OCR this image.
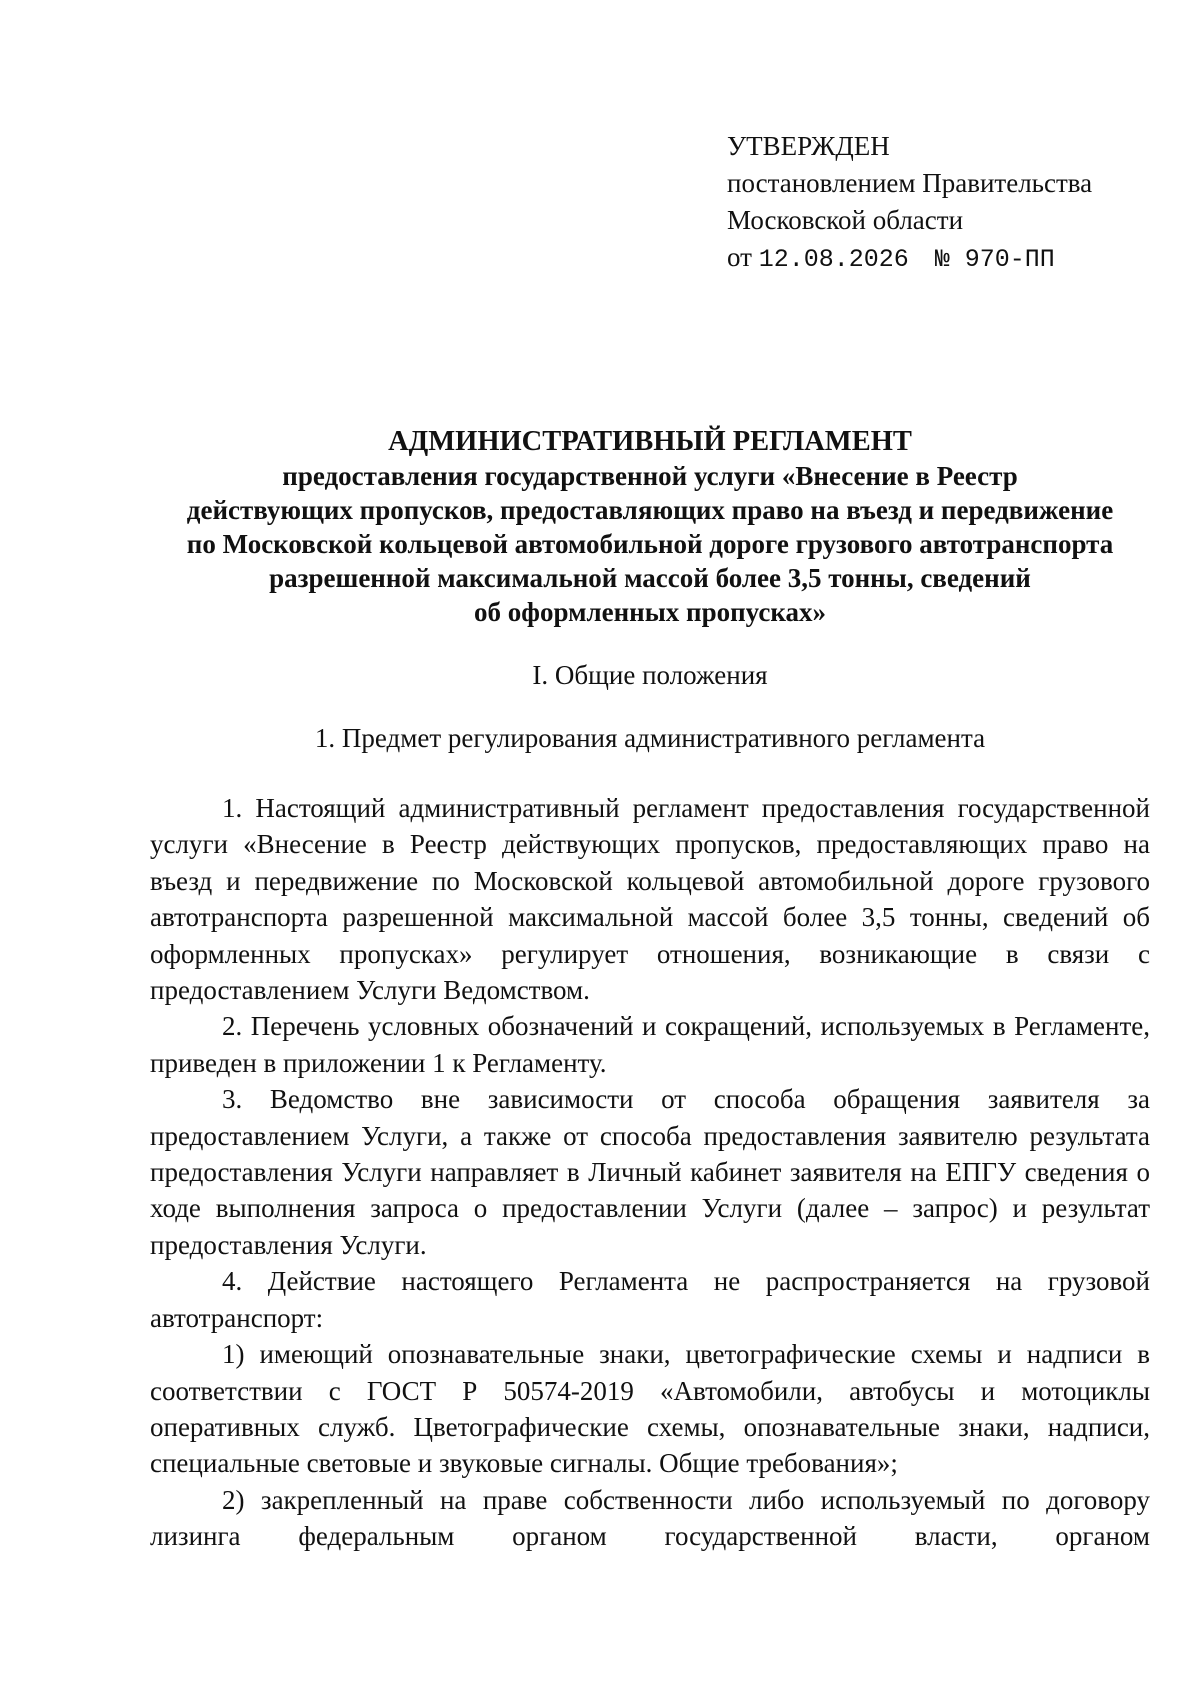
УТВЕРЖДЕН
постановлением Правительства
Московской области
от 12.08.2026 № 970-ПП
АДМИНИСТРАТИВНЫЙ РЕГЛАМЕНТ
предоставления государственной услуги «Внесение в Реестр
действующих пропусков, предоставляющих право на въезд и передвижение
по Московской кольцевой автомобильной дороге грузового автотранспорта
разрешенной максимальной массой более 3,5 тонны, сведений
об оформленных пропусках»
I. Общие положения
1. Предмет регулирования административного регламента

1. Настоящий административный регламент предоставления государственной услуги «Внесение в Реестр действующих пропусков, предоставляющих право на въезд и передвижение по Московской кольцевой автомобильной дороге грузового автотранспорта разрешенной максимальной массой более 3,5 тонны, сведений об оформленных пропусках» регулирует отношения, возникающие в связи с предоставлением Услуги Ведомством.

2. Перечень условных обозначений и сокращений, используемых в Регламенте, приведен в приложении 1 к Регламенту.

3. Ведомство вне зависимости от способа обращения заявителя за предоставлением Услуги, а также от способа предоставления заявителю результата предоставления Услуги направляет в Личный кабинет заявителя на ЕПГУ сведения о ходе выполнения запроса о предоставлении Услуги (далее – запрос) и результат предоставления Услуги.

4. Действие настоящего Регламента не распространяется на грузовой автотранспорт:

1) имеющий опознавательные знаки, цветографические схемы и надписи в соответствии с ГОСТ Р 50574-2019 «Автомобили, автобусы и мотоциклы оперативных служб. Цветографические схемы, опознавательные знаки, надписи, специальные световые и звуковые сигналы. Общие требования»;

2) закрепленный на праве собственности либо используемый по договору лизинга федеральным органом государственной власти, органом
